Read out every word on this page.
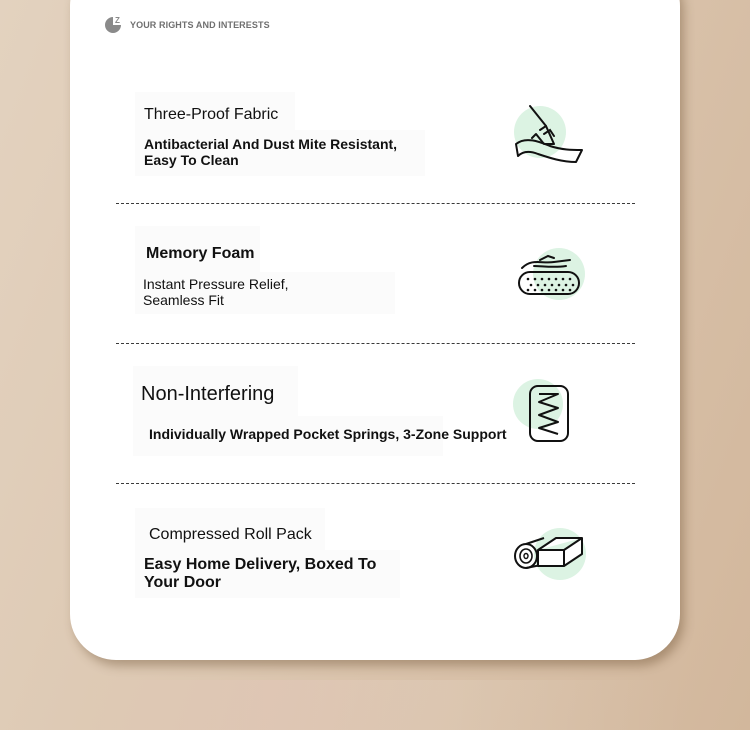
Z YOUR RIGHTS AND INTERESTS
Three-Proof Fabric
Antibacterial And Dust Mite Resistant, Easy To Clean
Memory Foam
Instant Pressure Relief, Seamless Fit
Non-Interfering
Individually Wrapped Pocket Springs, 3-Zone Support
Compressed Roll Pack
Easy Home Delivery, Boxed To Your Door
